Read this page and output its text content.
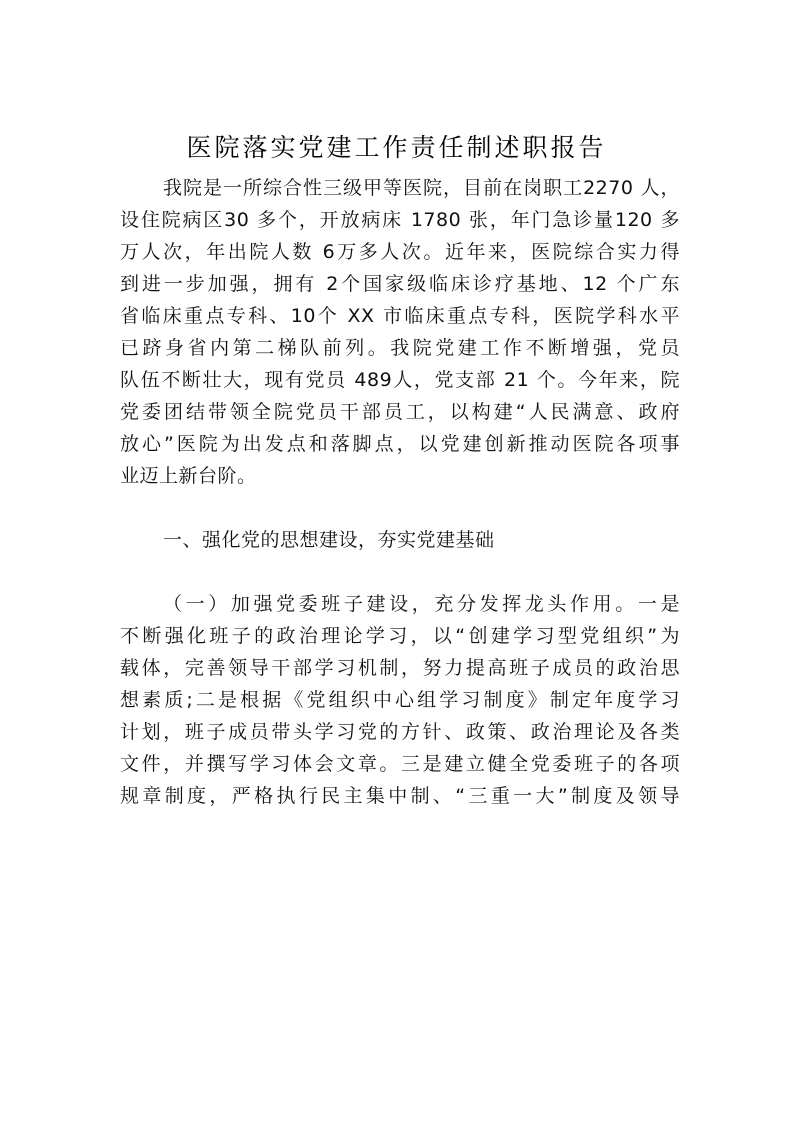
医院落实党建工作责任制述职报告
我院是一所综合性三级甲等医院，目前在岗职工2270 人，
设住院病区30 多个，开放病床 1780 张，年门急诊量120 多
万人次，年出院人数 6万多人次。近年来，医院综合实力得
到进一步加强，拥有 2个国家级临床诊疗基地、12 个广东
省临床重点专科、10个 XX 市临床重点专科，医院学科水平
已跻身省内第二梯队前列。我院党建工作不断增强，党员
队伍不断壮大，现有党员 489人，党支部 21 个。今年来，院
党委团结带领全院党员干部员工，以构建“人民满意、政府
放心”医院为出发点和落脚点，以党建创新推动医院各项事
业迈上新台阶。
一、强化党的思想建设，夯实党建基础
（一）加强党委班子建设，充分发挥龙头作用。一是
不断强化班子的政治理论学习，以“创建学习型党组织”为
载体，完善领导干部学习机制，努力提高班子成员的政治思
想素质;二是根据《党组织中心组学习制度》制定年度学习
计划，班子成员带头学习党的方针、政策、政治理论及各类
文件，并撰写学习体会文章。三是建立健全党委班子的各项
规章制度，严格执行民主集中制、“三重一大”制度及领导
